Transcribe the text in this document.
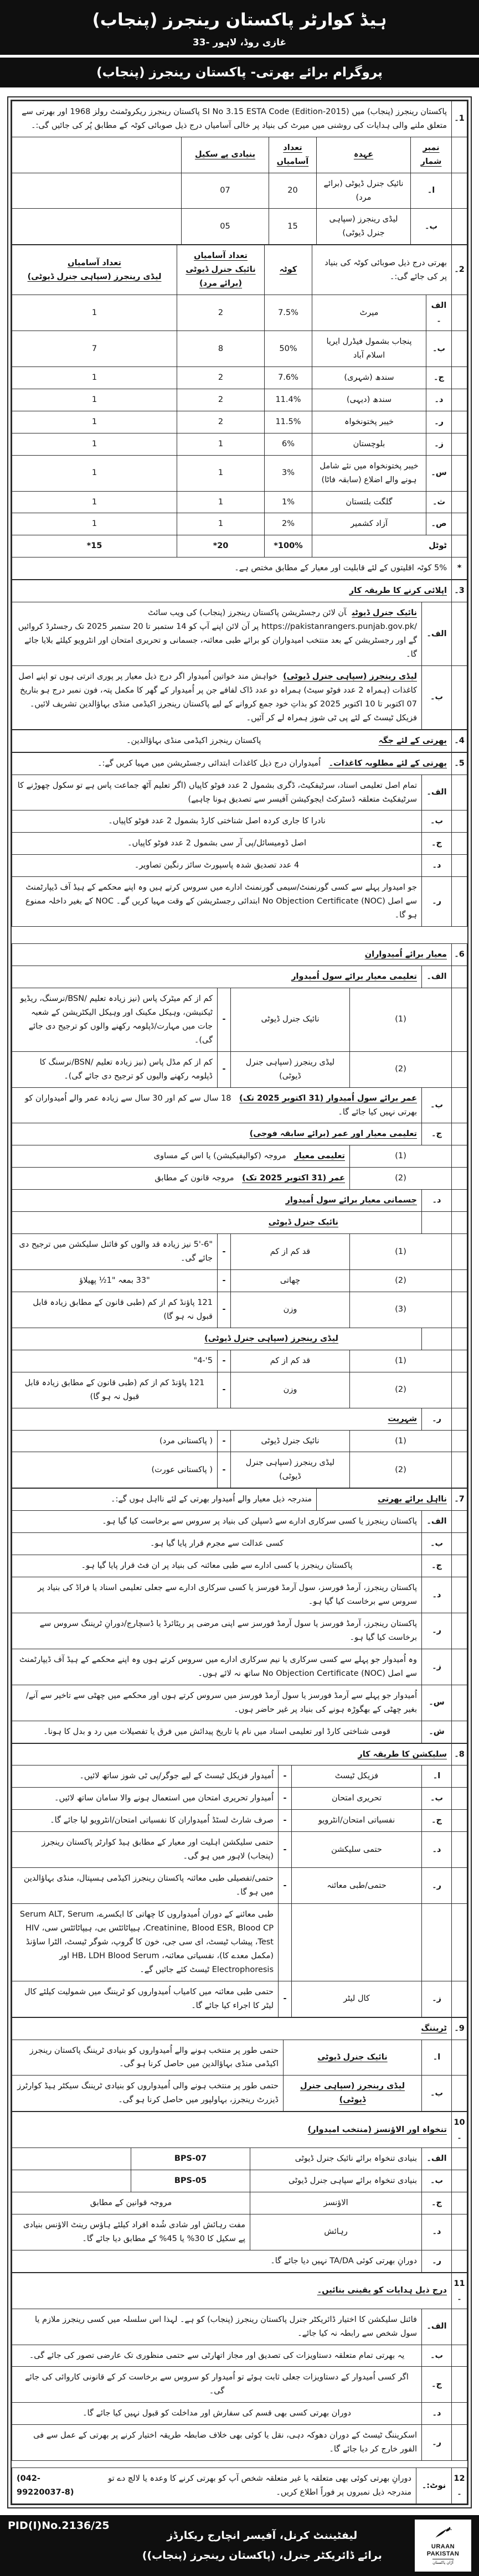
ہیڈ کوارٹر پاکستان رینجرز (پنجاب)
غازی روڈ، لاہور -33
پروگرام برائے بھرتی- پاکستان رینجرز (پنجاب)
1۔	پاکستان رینجرز (پنجاب) میں SI No 3.15 ESTA Code (Edition-2015) پاکستان رینجرز ریکروٹمنٹ رولز 1968 اور بھرتی سے متعلق ملنے والی ہدایات کی روشنی میں میرٹ کی بنیاد پر خالی آسامیاں درج ذیل صوبائی کوٹہ کے مطابق پُر کی جائیں گی:۔				
	نمبر شمار	عہدہ	تعداد آسامیاں	بنیادی پے سکیل	
	ا۔	نائیک جنرل ڈیوٹی (برائے مرد)	20	07	
	ب۔	لیڈی رینجرز (سپاہی جنرل ڈیوٹی)	15	05	
2۔	بھرتی درج ذیل صوبائی کوٹہ کی بنیاد پر کی جائے گی:۔		کوٹہ	تعداد آسامیاں
نائیک جنرل ڈیوٹی (برائے مرد)	تعداد آسامیاں
لیڈی رینجرز (سپاہی جنرل ڈیوٹی)
	الف۔	میرٹ	7.5%	2	1
	ب۔	پنجاب بشمول فیڈرل ایریا اسلام آباد	50%	8	7
	ج۔	سندھ (شہری)	7.6%	2	1
	د۔	سندھ (دیہی)	11.4%	2	1
	ر۔	خیبر پختونخواہ	11.5%	2	1
	ز۔	بلوچستان	6%	1	1
	س۔	خیبر پختونخواہ میں نئے شامل ہونے والے اضلاع (سابقہ فاٹا)	3%	1	1
	ث۔	گلگت بلتستان	1%	1	1
	ص۔	آزاد کشمیر	2%	1	1
	ٹوٹل		100%*	20*	15*
*	5% کوٹہ اقلیتوں کے لئے قابلیت اور معیار کے مطابق مختص ہے۔				
3۔	اپلائی کرنے کا طریقہ کار	
	الف۔	نائیک جنرل ڈیوٹیآن لائن رجسٹریشن پاکستان رینجرز (پنجاب) کی ویب سائٹ /https://pakistanrangers.punjab.gov.pk پر آن لائن اپنے آپ کو 14 ستمبر تا 20 ستمبر 2025 تک رجسٹرڈ کروائیں گے اور رجسٹریشن کے بعد منتخب امیدواران کو برائے طبی معائنہ، جسمانی و تحریری امتحان اور انٹرویو کیلئے بلایا جائے گا۔
	ب۔	لیڈی رینجرز (سپاہی جنرل ڈیوٹی)خواہش مند خواتین اُمیدوار اگر درج ذیل معیار پر پوری اترتی ہوں تو اپنے اصل کاغذات (ہمراہ 2 عدد فوٹو سیٹ) ہمراہ دو عدد ڈاک لفافے جن پر اُمیدوار کے گھر کا مکمل پتہ، فون نمبر درج ہو بتاریخ 07 اکتوبر تا 10 اکتوبر 2025 کو بذاتِ خود جمع کروانے کے لیے پاکستان رینجرز اکیڈمی منڈی بہاؤالدین تشریف لائیں۔ فزیکل ٹیسٹ کے لئے پی ٹی شوز ہمراہ لے کر آئیں۔
4۔	
بھرتی کے لئے جگہ
پاکستان رینجرز اکیڈمی منڈی بہاؤالدین۔
5۔	بھرتی کے لئے مطلوبہ کاغذات۔ اُمیدواران درج ذیل کاغذات ابتدائی رجسٹریشن میں مہیا کریں گے:۔	
	الف۔	تمام اصل تعلیمی اسناد، سرٹیفکیٹ، ڈگری بشمول 2 عدد فوٹو کاپیاں (اگر تعلیم آٹھ جماعت پاس ہے تو سکول چھوڑنے کا سرٹیفکیٹ متعلقہ ڈسٹرکٹ ایجوکیشن آفیسر سے تصدیق ہونا چاہیے)
	ب۔	نادرا کا جاری کردہ اصل شناختی کارڈ بشمول 2 عدد فوٹو کاپیاں۔
	ج۔	اصل ڈومیسائل/پی آر سی بشمول 2 عدد فوٹو کاپیاں۔
	د۔	4 عدد تصدیق شدہ پاسپورٹ سائز رنگین تصاویر۔
	ر۔	جو امیدوار پہلے سے کسی گورنمنٹ/سیمی گورنمنٹ ادارے میں سروس کرتے ہیں وہ اپنے محکمے کے ہیڈ آف ڈیپارٹمنٹ سے اصل No Objection Certificate (NOC) ابتدائی رجسٹریشن کے وقت مہیا کریں گے۔ NOC کے بغیر داخلہ ممنوع ہو گا۔
6۔	معیار برائے اُمیدواران				
	الف۔	تعلیمی معیار برائے سول اُمیدوار			
	(1)		نائیک جنرل ڈیوٹی	-	کم از کم میٹرک پاس (نیز زیادہ تعلیم /BSN/نرسنگ، ریڈیو ٹیکنیشن، وہیکل مکینک اور وہیکل الیکٹریشن کے شعبہ جات میں مہارت/ڈپلومہ رکھنے والوں کو ترجیح دی جائے گی)۔
	(2)		لیڈی رینجرز (سپاہی جنرل ڈیوٹی)	-	کم از کم مڈل پاس (نیز زیادہ تعلیم /BSN/نرسنگ کا ڈپلومہ رکھنے والیوں کو ترجیح دی جائے گی)۔
	ب۔	عمر برائے سول اُمیدوار (31 اکتوبر 2025 تک) 18 سال سے کم اور 30 سال سے زیادہ عمر والے اُمیدواران کو بھرتی نہیں کیا جائے گا۔			
	ج۔	تعلیمی معیار اور عمر (برائے سابقہ فوجی)			
	(1)		تعلیمی معیار مروجہ (کوالیفیکیشن) یا اس کے مساوی		
	(2)		عمر (31 اکتوبر 2025 تک) مروجہ قانون کے مطابق		
	د۔	جسمانی معیار برائے سول اُمیدوار			
		نائیک جنرل ڈیوٹی			
	(1)		قد کم از کم	-	"6-'5 نیز زیادہ قد والوں کو فائنل سلیکشن میں ترجیح دی جائے گی۔
	(2)		چھاتی	-	"33 بمعہ "1½ پھیلاؤ
	(3)		وزن	-	121 پاؤنڈ کم از کم (طبی قانون کے مطابق زیادہ قابل قبول نہ ہو گا)
		لیڈی رینجرز (سپاہی جنرل ڈیوٹی)			
	(1)		قد کم از کم	-	5'-4"
	(2)		وزن	-	121 پاؤنڈ کم از کم (طبی قانون کے مطابق زیادہ قابل قبول نہ ہو گا)
	ر۔	شہریت			
	(1)		نائیک جنرل ڈیوٹی	-	( پاکستانی مرد)
	(2)		لیڈی رینجرز (سپاہی جنرل ڈیوٹی)	-	( پاکستانی عورت)
7۔	نااہل برائے بھرتی		مندرجہ ذیل معیار والے اُمیدوار بھرتی کے لئے نااہل ہوں گے:۔
	الف۔	پاکستان رینجرز یا کسی سرکاری ادارے سے ڈسپلن کی بنیاد پر سروس سے برخاست کیا گیا ہو۔	
	ب۔	کسی عدالت سے مجرم قرار پایا گیا ہو۔	
	ج۔	پاکستان رینجرز یا کسی ادارے سے طبی معائنہ کی بنیاد پر ان فٹ قرار پایا گیا ہو۔	
	د۔	پاکستان رینجرز، آرمڈ فورسز، سول آرمڈ فورسز یا کسی سرکاری ادارے سے جعلی تعلیمی اسناد یا فراڈ کی بنیاد پر سروس سے برخاست کیا گیا ہو۔	
	ر۔	پاکستان رینجرز، آرمڈ فورسز یا سول آرمڈ فورسز سے اپنی مرضی پر ریٹائرڈ یا ڈسچارج/دورانِ ٹریننگ سروس سے برخاست کیا گیا ہو۔	
	ز۔	وہ اُمیدوار جو پہلے سے کسی سرکاری یا نیم سرکاری ادارے میں سروس کرتے ہوں وہ اپنے محکمے کے ہیڈ آف ڈیپارٹمنٹ سے اصل No Objection Certificate (NOC) ساتھ نہ لائے ہوں۔	
	س۔	اُمیدوار جو پہلے سے آرمڈ فورسز یا سول آرمڈ فورسز میں سروس کرتے ہوں اور محکمے میں چھٹی سے تاخیر سے آنے/بغیر چھٹی کے بھگوڑہ ہونے کی بنیاد پر غیر حاضر ہوں۔	
	ش۔	قومی شناختی کارڈ اور تعلیمی اسناد میں نام یا تاریخ پیدائش میں فرق یا تفصیلات میں رد و بدل کا ہونا۔	
8۔	سلیکشن کا طریقہ کار			
	ا۔	فزیکل ٹیسٹ	-	اُمیدوار فزیکل ٹیسٹ کے لیے جوگر/پی ٹی شوز ساتھ لائیں۔
	ب۔	تحریری امتحان	-	اُمیدوار تحریری امتحان میں استعمال ہونے والا سامان ساتھ لائیں۔
	ج۔	نفسیاتی امتحان/انٹرویو	-	صرف شارٹ لسٹڈ اُمیدواران کا نفسیاتی امتحان/انٹرویو لیا جائے گا۔
	د۔	حتمی سلیکشن	-	حتمی سلیکشن اہلیت اور معیار کے مطابق ہیڈ کوارٹر پاکستان رینجرز (پنجاب) لاہور میں ہو گی۔
	ر۔	حتمی/طبی معائنہ	-	حتمی/تفصیلی طبی معائنہ پاکستان رینجرز اکیڈمی ہسپتال، منڈی بہاؤالدین میں ہو گا۔
				طبی معائنے کے دوران اُمیدواروں کا چھاتی کا ایکسرے، Serum ALT, Serum Creatinine, Blood ESR, Blood CP، ہیپاٹائٹس بی، ہیپاٹائٹس سی، HIV Test، پیشاب ٹیسٹ، ای سی جی، خون کا گروپ، شوگر ٹیسٹ، الٹرا ساؤنڈ (مکمل معدے کا)، نفسیاتی معائنہ، HB، LDH Blood Serum اور Electrophoresis ٹیسٹ کئے جائیں گے۔
	ز۔	کال لیٹر	-	حتمی طبی معائنہ میں کامیاب اُمیدواروں کو ٹریننگ میں شمولیت کیلئے کال لیٹر کا اجراء کیا جائے گا۔
9۔	ٹریننگ		
	ا۔	نائیک جنرل ڈیوٹی	حتمی طور پر منتخب ہونے والے اُمیدواروں کو بنیادی ٹریننگ پاکستان رینجرز اکیڈمی منڈی بہاؤالدین میں حاصل کرنا ہو گی۔
	ب۔	لیڈی رینجرز (سپاہی جنرل ڈیوٹی)	حتمی طور پر منتخب ہونے والی اُمیدواروں کو بنیادی ٹریننگ سیکٹر ہیڈ کوارٹرز ڈیزرٹ رینجرز، بہاولپور میں حاصل کرنا ہو گی۔
10۔	تنخواہ اور الاؤنسز (منتخب امیدوار)			
	الف۔	بنیادی تنخواہ برائے نائیک جنرل ڈیوٹی	BPS-07	
	ب۔	بنیادی تنخواہ برائے سپاہی جنرل ڈیوٹی	BPS-05	
	ج۔	الاؤنسز	مروجہ قوانین کے مطابق	
	د۔	رہائش	مفت رہائش اور شادی شُدہ افراد کیلئے ہاؤس رینٹ الاؤنس بنیادی پے سکیل کا 30% یا 45% کے مطابق دیا جائے گا۔	
	ر۔	دورانِ بھرتی کوئی TA/DA نہیں دیا جائے گا۔		
11۔	درج ذیل ہدایات کو یقینی بنائیں۔	
	الف۔	فائنل سلیکشن کا اختیار ڈائریکٹر جنرل پاکستان رینجرز (پنجاب) کو ہے۔ لہذا اس سلسلہ میں کسی رینجرز ملازم یا سول شخص سے رابطہ نہ کیا جائے۔
	ب۔	یہ بھرتی تمام متعلقہ دستاویزات کی تصدیق اور مجاز اتھارٹی سے حتمی منظوری تک عارضی تصور کی جائے گی۔
	ج۔	اگر کسی اُمیدوار کے دستاویزات جعلی ثابت ہوئے تو اُمیدوار کو سروس سے برخاست کر کے قانونی کاروائی کی جائے گی۔
	د۔	دوران بھرتی کسی بھی قسم کی سفارش اور مداخلت کو قبول نہیں کیا جائے گا۔
	ر۔	اسکریننگ ٹیسٹ کے دوران دھوکہ دہی، نقل یا کوئی بھی خلاف ضابطہ طریقہ اختیار کرنے پر بھرتی کے عمل سے فی الفور خارج کر دیا جائے گا۔
12۔	نوٹ:۔	
دورانِ بھرتی کوئی بھی متعلقہ یا غیر متعلقہ شخص آپ کو بھرتی کرنے کا وعدہ یا لالچ دے تو مندرجہ ذیل نمبروں پر فوراً اطلاع کریں۔
(042-99220037-8)
PID(I)No.2136/25
لیفٹیننٹ کرنل، آفیسر انچارج ریکارڈز
برائے ڈائریکٹر جنرل، (پاکستان رینجرز (پنجاب))
URAAN
PAKISTAN
اُڑان پاکستان
